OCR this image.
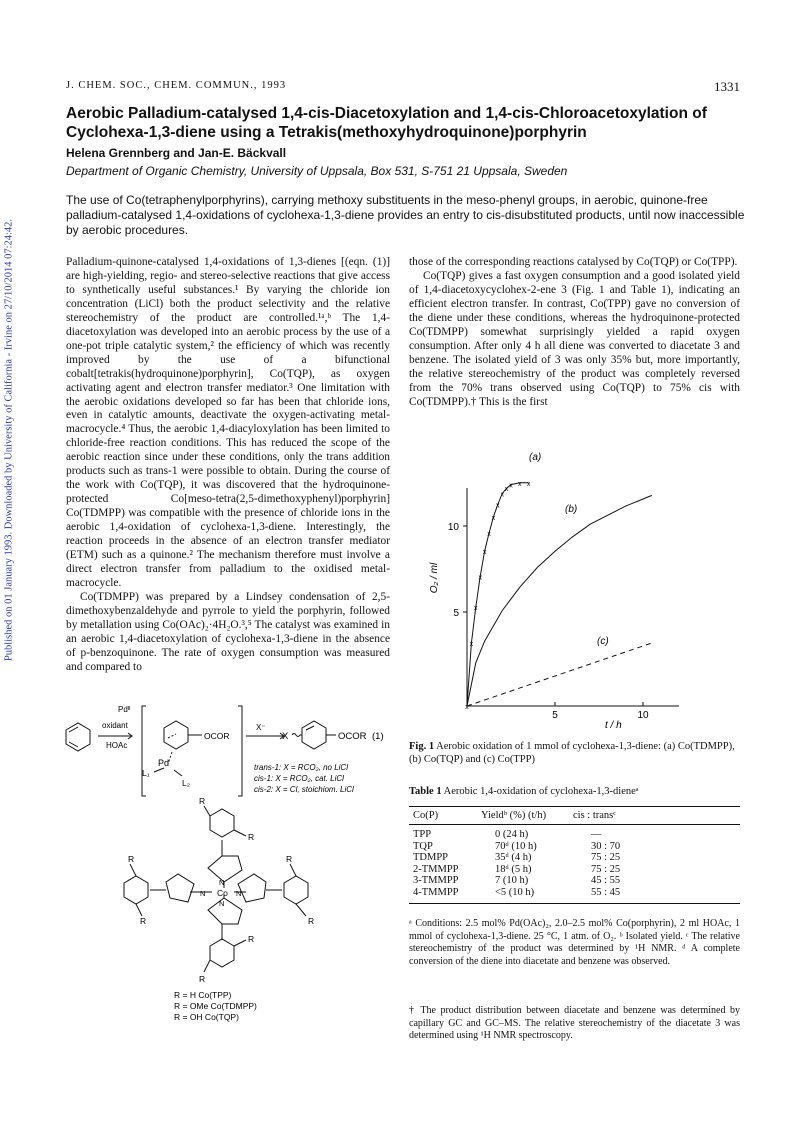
Published on 01 January 1993. Downloaded by University of California - Irvine on 27/10/2014 07:24:42.
J. CHEM. SOC., CHEM. COMMUN., 1993	1331
Aerobic Palladium-catalysed 1,4-cis-Diacetoxylation and 1,4-cis-Chloroacetoxylation of Cyclohexa-1,3-diene using a Tetrakis(methoxyhydroquinone)porphyrin
Helena Grennberg and Jan-E. Bäckvall
Department of Organic Chemistry, University of Uppsala, Box 531, S-751 21 Uppsala, Sweden
The use of Co(tetraphenylporphyrins), carrying methoxy substituents in the meso-phenyl groups, in aerobic, quinone-free palladium-catalysed 1,4-oxidations of cyclohexa-1,3-diene provides an entry to cis-disubstituted products, until now inaccessible by aerobic procedures.

Palladium-quinone-catalysed 1,4-oxidations of 1,3-dienes [(eqn. (1)] are high-yielding, regio- and stereo-selective reactions that give access to synthetically useful substances.¹ By varying the chloride ion concentration (LiCl) both the product selectivity and the relative stereochemistry of the product are controlled.¹ᵃ,ᵇ The 1,4-diacetoxylation was developed into an aerobic process by the use of a one-pot triple catalytic system,² the efficiency of which was recently improved by the use of a bifunctional cobalt[tetrakis(hydroquinone)porphyrin], Co(TQP), as oxygen activating agent and electron transfer mediator.³ One limitation with the aerobic oxidations developed so far has been that chloride ions, even in catalytic amounts, deactivate the oxygen-activating metal-macrocycle.⁴ Thus, the aerobic 1,4-diacyloxylation has been limited to chloride-free reaction conditions. This has reduced the scope of the aerobic reaction since under these conditions, only the trans addition products such as trans-1 were possible to obtain. During the course of the work with Co(TQP), it was discovered that the hydroquinone-protected Co[meso-tetra(2,5-dimethoxyphenyl)porphyrin] Co(TDMPP) was compatible with the presence of chloride ions in the aerobic 1,4-oxidation of cyclohexa-1,3-diene. Interestingly, the reaction proceeds in the absence of an electron transfer mediator (ETM) such as a quinone.² The mechanism therefore must involve a direct electron transfer from palladium to the oxidised metal-macrocycle.

Co(TDMPP) was prepared by a Lindsey condensation of 2,5-dimethoxybenzaldehyde and pyrrole to yield the porphyrin, followed by metallation using Co(OAc)₂·4H₂O.³,⁵ The catalyst was examined in an aerobic 1,4-diacetoxylation of cyclohexa-1,3-diene in the absence of p-benzoquinone. The rate of oxygen consumption was measured and compared to

those of the corresponding reactions catalysed by Co(TQP) or Co(TPP).

Co(TQP) gives a fast oxygen consumption and a good isolated yield of 1,4-diacetoxycyclohex-2-ene 3 (Fig. 1 and Table 1), indicating an efficient electron transfer. In contrast, Co(TPP) gave no conversion of the diene under these conditions, whereas the hydroquinone-protected Co(TDMPP) somewhat surprisingly yielded a rapid oxygen consumption. After only 4 h all diene was converted to diacetate 3 and benzene. The isolated yield of 3 was only 35% but, more importantly, the relative stereochemistry of the product was completely reversed from the 70% trans observed using Co(TQP) to 75% cis with Co(TDMPP).† This is the first

5
10
5	10
t / h
O₂ / ml
(a)
(b)
(c)
x
x
x
x
x
x
x
x
x
x
x x x
Fig. 1 Aerobic oxidation of 1 mmol of cyclohexa-1,3-diene: (a) Co(TDMPP), (b) Co(TQP) and (c) Co(TPP)
Table 1 Aerobic 1,4-oxidation of cyclohexa-1,3-dieneᵃ
Co(P)	Yieldᵇ (%) (t/h)	cis : transᶜ
TPP	0 (24 h)	—
TQP	70ᵈ (10 h)	30 : 70
TDMPP	35ᵈ (4 h)	75 : 25
2-TMMPP	18ᵈ (5 h)	75 : 25
3-TMMPP	7 (10 h)	45 : 55
4-TMMPP	<5 (10 h)	55 : 45
ᵃ Conditions: 2.5 mol% Pd(OAc)₂, 2.0–2.5 mol% Co(porphyrin), 2 ml HOAc, 1 mmol of cyclohexa-1,3-diene. 25 °C, 1 atm. of O₂. ᵇ Isolated yield. ᶜ The relative stereochemistry of the product was determined by ¹H NMR. ᵈ A complete conversion of the diene into diacetate and benzene was observed.
† The product distribution between diacetate and benzene was determined by capillary GC and GC–MS. The relative stereochemistry of the diacetate 3 was determined using ¹H NMR spectroscopy.
Pdᴵᴵ
oxidant
HOAc
OCOR
X⁻
X	OCOR (1)
Pd
L₁
L₂
trans-1: X = RCO₂, no LiCl
cis-1: X = RCO₂, cat. LiCl
cis-2: X = Cl, stoichiom. LiCl
Co
N
N
N
N
R
R
R
R
R
R
R
R
R = H Co(TPP)
R = OMe Co(TDMPP)
R = OH Co(TQP)
